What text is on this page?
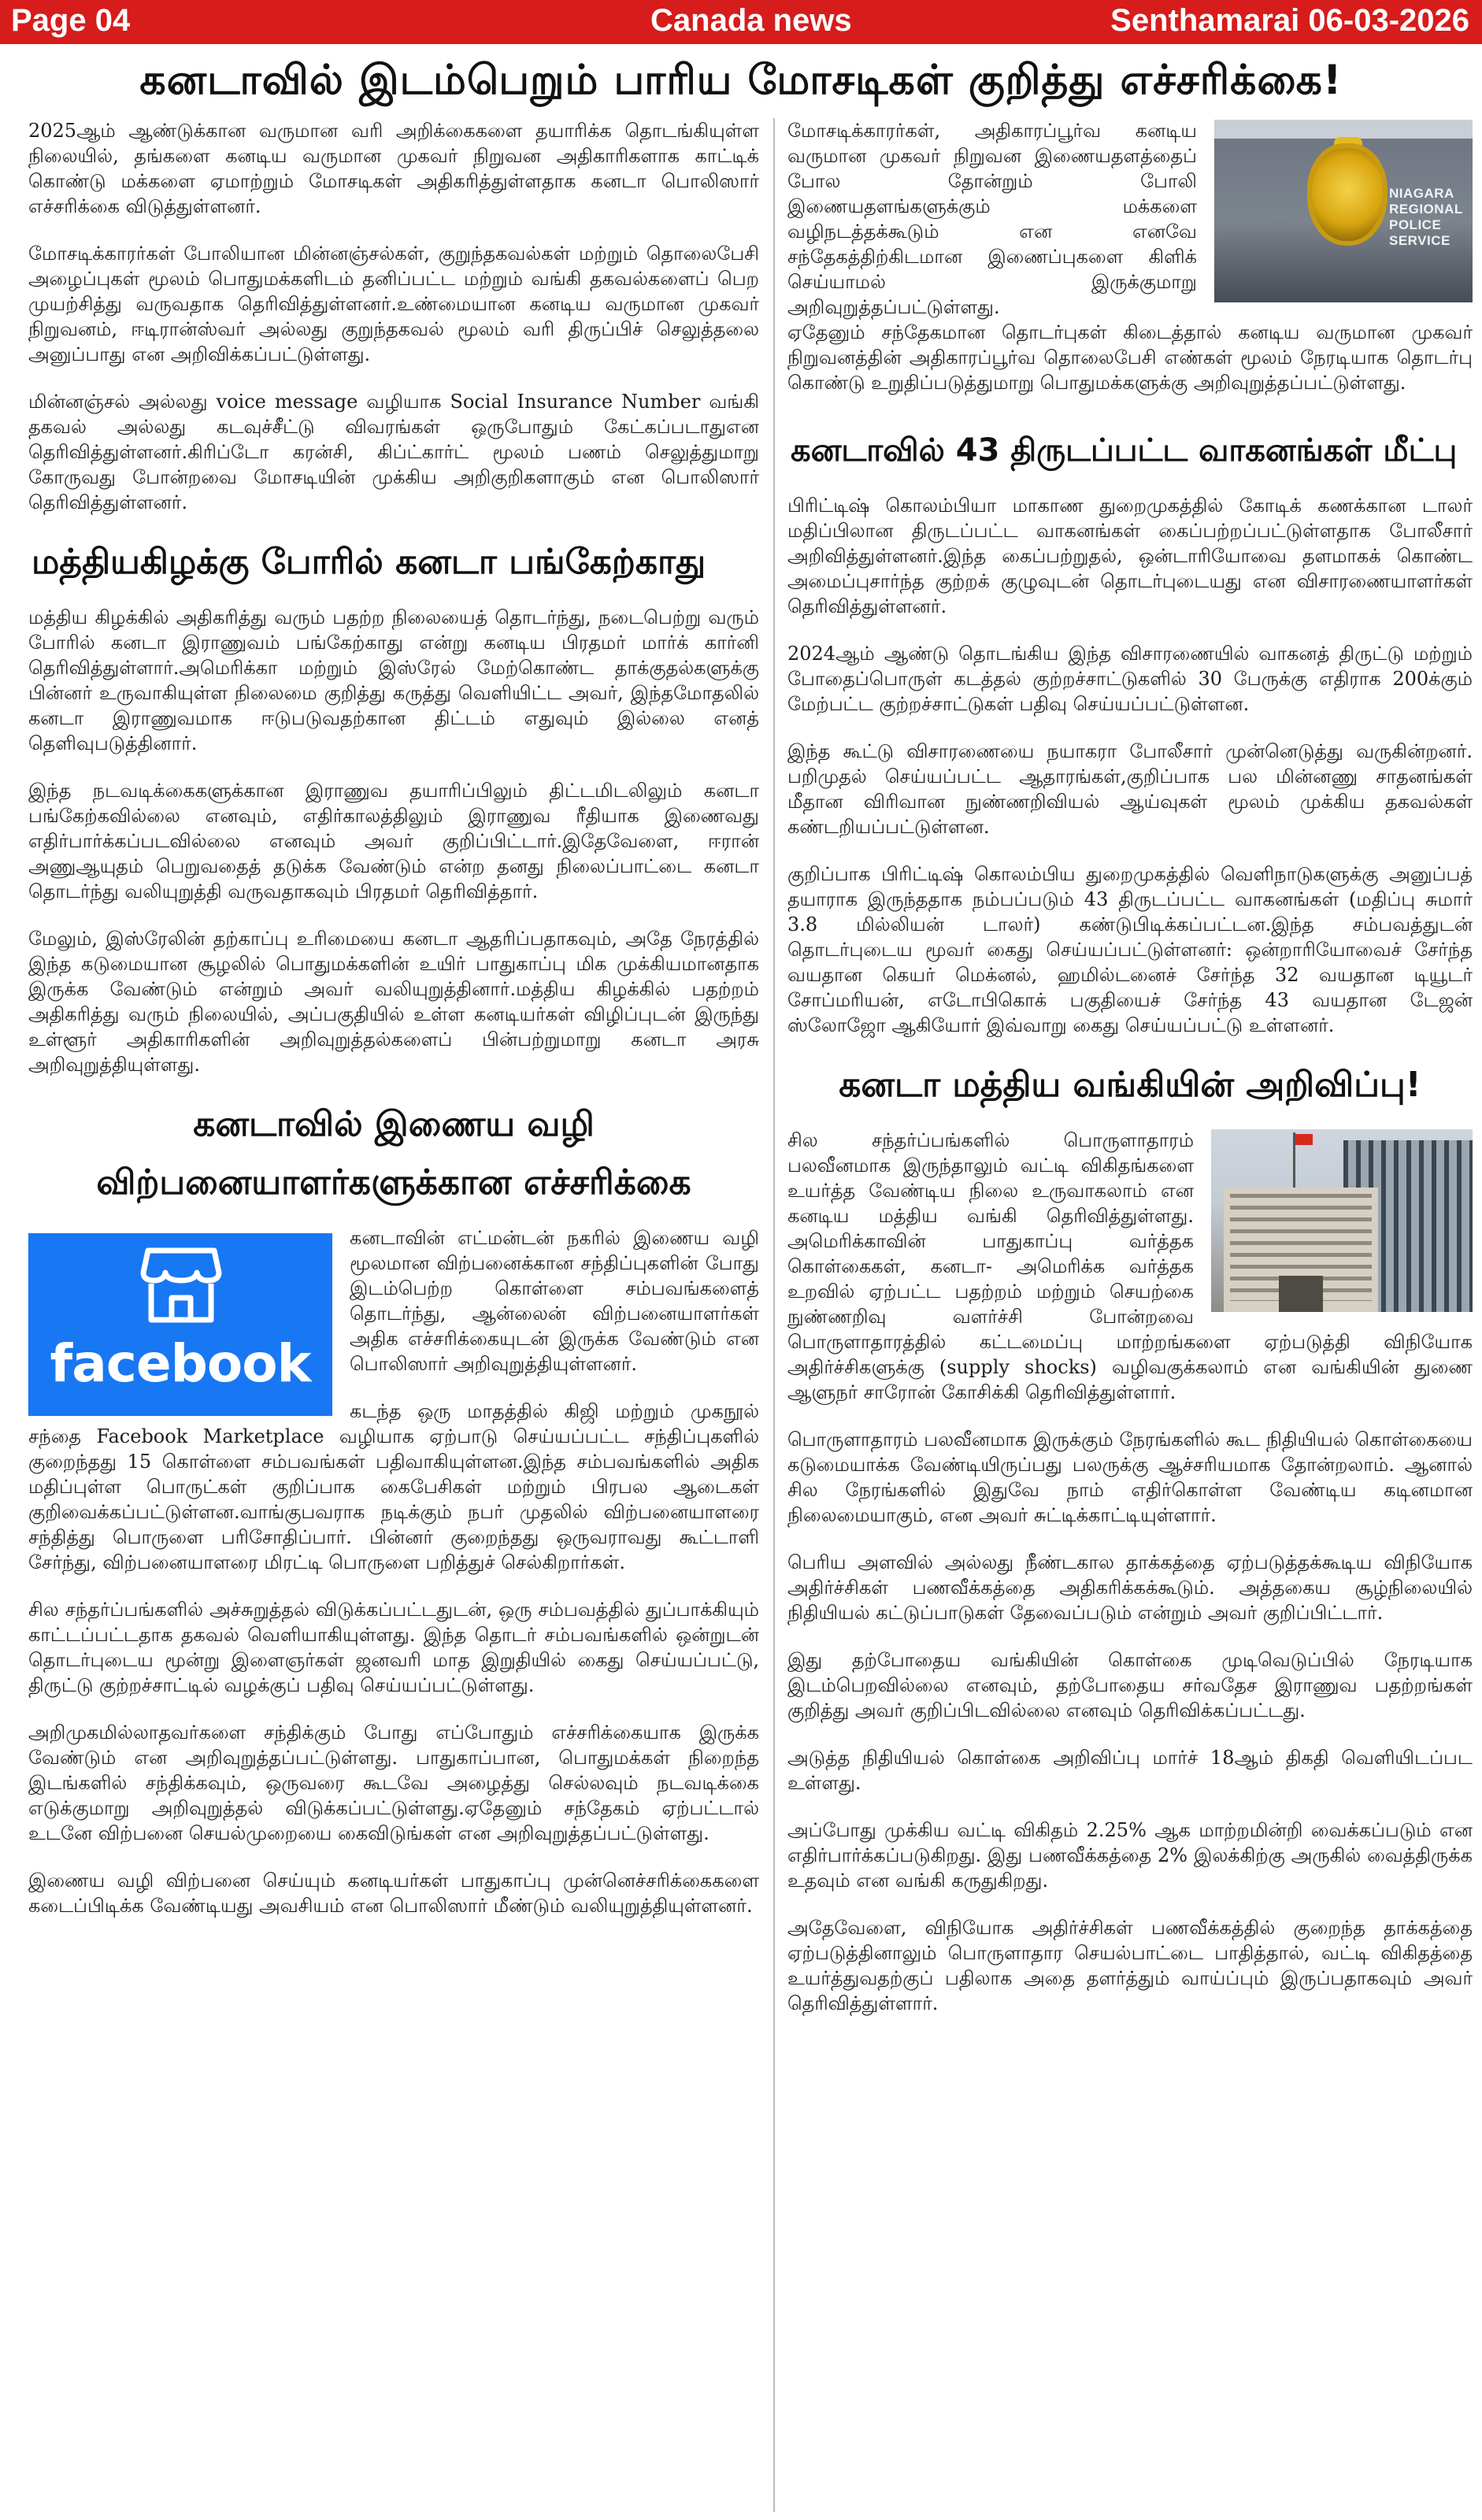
Page 04	Canada news	Senthamarai 06-03-2026
கனடாவில் இடம்பெறும் பாரிய மோசடிகள் குறித்து எச்சரிக்கை!

2025ஆம் ஆண்டுக்கான வருமான வரி அறிக்கைகளை தயாரிக்க தொடங்கியுள்ள நிலையில், தங்களை கனடிய வருமான முகவர் நிறுவன அதிகாரிகளாக காட்டிக் கொண்டு மக்களை ஏமாற்றும் மோசடிகள் அதிகரித்துள்ளதாக கனடா பொலிஸார் எச்சரிக்கை விடுத்துள்ளனர்.

மோசடிக்காரர்கள் போலியான மின்னஞ்சல்கள், குறுந்தகவல்கள் மற்றும் தொலைபேசி அழைப்புகள் மூலம் பொதுமக்களிடம் தனிப்பட்ட மற்றும் வங்கி தகவல்களைப் பெற முயற்சித்து வருவதாக தெரிவித்துள்ளனர்.உண்மையான கனடிய வருமான முகவர் நிறுவனம், ஈடிரான்ஸ்வர் அல்லது குறுந்தகவல் மூலம் வரி திருப்பிச் செலுத்தலை அனுப்பாது என அறிவிக்கப்பட்டுள்ளது.

மின்னஞ்சல் அல்லது voice message வழியாக Social Insurance Number வங்கி தகவல் அல்லது கடவுச்சீட்டு விவரங்கள் ஒருபோதும் கேட்கப்படாதுஎன தெரிவித்துள்ளனர்.கிரிப்டோ கரன்சி, கிப்ட்கார்ட் மூலம் பணம் செலுத்துமாறு கோருவது போன்றவை மோசடியின் முக்கிய அறிகுறிகளாகும் என பொலிஸார் தெரிவித்துள்ளனர்.

மத்தியகிழக்கு போரில் கனடா பங்கேற்காது

மத்திய கிழக்கில் அதிகரித்து வரும் பதற்ற நிலையைத் தொடர்ந்து, நடைபெற்று வரும் போரில் கனடா இராணுவம் பங்கேற்காது என்று கனடிய பிரதமர் மார்க் கார்னி தெரிவித்துள்ளார்.அமெரிக்கா மற்றும் இஸ்ரேல் மேற்கொண்ட தாக்குதல்களுக்கு பின்னர் உருவாகியுள்ள நிலைமை குறித்து கருத்து வெளியிட்ட அவர், இந்தமோதலில் கனடா இராணுவமாக ஈடுபடுவதற்கான திட்டம் எதுவும் இல்லை எனத் தெளிவுபடுத்தினார்.

இந்த நடவடிக்கைகளுக்கான இராணுவ தயாரிப்பிலும் திட்டமிடலிலும் கனடா பங்கேற்கவில்லை எனவும், எதிர்காலத்திலும் இராணுவ ரீதியாக இணைவது எதிர்பார்க்கப்படவில்லை எனவும் அவர் குறிப்பிட்டார்.இதேவேளை, ஈரான் அணுஆயுதம் பெறுவதைத் தடுக்க வேண்டும் என்ற தனது நிலைப்பாட்டை கனடா தொடர்ந்து வலியுறுத்தி வருவதாகவும் பிரதமர் தெரிவித்தார்.

மேலும், இஸ்ரேலின் தற்காப்பு உரிமையை கனடா ஆதரிப்பதாகவும், அதே நேரத்தில் இந்த கடுமையான சூழலில் பொதுமக்களின் உயிர் பாதுகாப்பு மிக முக்கியமானதாக இருக்க வேண்டும் என்றும் அவர் வலியுறுத்தினார்.மத்திய கிழக்கில் பதற்றம் அதிகரித்து வரும் நிலையில், அப்பகுதியில் உள்ள கனடியர்கள் விழிப்புடன் இருந்து உள்ளூர் அதிகாரிகளின் அறிவுறுத்தல்களைப் பின்பற்றுமாறு கனடா அரசு அறிவுறுத்தியுள்ளது.

கனடாவில் இணைய வழி
விற்பனையாளர்களுக்கான எச்சரிக்கை
facebook

கனடாவின் எட்மன்டன் நகரில் இணைய வழி மூலமான விற்பனைக்கான சந்திப்புகளின் போது இடம்பெற்ற கொள்ளை சம்பவங்களைத் தொடர்ந்து, ஆன்லைன் விற்பனையாளர்கள் அதிக எச்சரிக்கையுடன் இருக்க வேண்டும் என பொலிஸார் அறிவுறுத்தியுள்ளனர்.

கடந்த ஒரு மாதத்தில் கிஜி மற்றும் முகநூல் சந்தை Facebook Marketplace வழியாக ஏற்பாடு செய்யப்பட்ட சந்திப்புகளில் குறைந்தது 15 கொள்ளை சம்பவங்கள் பதிவாகியுள்ளன.இந்த சம்பவங்களில் அதிக மதிப்புள்ள பொருட்கள் குறிப்பாக கைபேசிகள் மற்றும் பிரபல ஆடைகள் குறிவைக்கப்பட்டுள்ளன.வாங்குபவராக நடிக்கும் நபர் முதலில் விற்பனையாளரை சந்தித்து பொருளை பரிசோதிப்பார். பின்னர் குறைந்தது ஒருவராவது கூட்டாளி சேர்ந்து, விற்பனையாளரை மிரட்டி பொருளை பறித்துச் செல்கிறார்கள்.

சில சந்தர்ப்பங்களில் அச்சுறுத்தல் விடுக்கப்பட்டதுடன், ஒரு சம்பவத்தில் துப்பாக்கியும் காட்டப்பட்டதாக தகவல் வெளியாகியுள்ளது. இந்த தொடர் சம்பவங்களில் ஒன்றுடன் தொடர்புடைய மூன்று இளைஞர்கள் ஜனவரி மாத இறுதியில் கைது செய்யப்பட்டு, திருட்டு குற்றச்சாட்டில் வழக்குப் பதிவு செய்யப்பட்டுள்ளது.

அறிமுகமில்லாதவர்களை சந்திக்கும் போது எப்போதும் எச்சரிக்கையாக இருக்க வேண்டும் என அறிவுறுத்தப்பட்டுள்ளது. பாதுகாப்பான, பொதுமக்கள் நிறைந்த இடங்களில் சந்திக்கவும், ஒருவரை கூடவே அழைத்து செல்லவும் நடவடிக்கை எடுக்குமாறு அறிவுறுத்தல் விடுக்கப்பட்டுள்ளது.ஏதேனும் சந்தேகம் ஏற்பட்டால் உடனே விற்பனை செயல்முறையை கைவிடுங்கள் என அறிவுறுத்தப்பட்டுள்ளது.

இணைய வழி விற்பனை செய்யும் கனடியர்கள் பாதுகாப்பு முன்னெச்சரிக்கைகளை கடைப்பிடிக்க வேண்டியது அவசியம் என பொலிஸார் மீண்டும் வலியுறுத்தியுள்ளனர்.

NIAGARA REGIONAL POLICE SERVICE

மோசடிக்காரர்கள், அதிகாரப்பூர்வ கனடிய வருமான முகவர் நிறுவன இணையதளத்தைப் போல தோன்றும் போலி இணையதளங்களுக்கும் மக்களை வழிநடத்தக்கூடும் என எனவே சந்தேகத்திற்கிடமான இணைப்புகளை கிளிக் செய்யாமல் இருக்குமாறு அறிவுறுத்தப்பட்டுள்ளது.

ஏதேனும் சந்தேகமான தொடர்புகள் கிடைத்தால் கனடிய வருமான முகவர் நிறுவனத்தின் அதிகாரப்பூர்வ தொலைபேசி எண்கள் மூலம் நேரடியாக தொடர்பு கொண்டு உறுதிப்படுத்துமாறு பொதுமக்களுக்கு அறிவுறுத்தப்பட்டுள்ளது.

கனடாவில் 43 திருடப்பட்ட வாகனங்கள் மீட்பு

பிரிட்டிஷ் கொலம்பியா மாகாண துறைமுகத்தில் கோடிக் கணக்கான டாலர் மதிப்பிலான திருடப்பட்ட வாகனங்கள் கைப்பற்றப்பட்டுள்ளதாக போலீசார் அறிவித்துள்ளனர்.இந்த கைப்பற்றுதல், ஒன்டாரியோவை தளமாகக் கொண்ட அமைப்புசார்ந்த குற்றக் குழுவுடன் தொடர்புடையது என விசாரணையாளர்கள் தெரிவித்துள்ளனர்.

2024ஆம் ஆண்டு தொடங்கிய இந்த விசாரணையில் வாகனத் திருட்டு மற்றும் போதைப்பொருள் கடத்தல் குற்றச்சாட்டுகளில் 30 பேருக்கு எதிராக 200க்கும் மேற்பட்ட குற்றச்சாட்டுகள் பதிவு செய்யப்பட்டுள்ளன.

இந்த கூட்டு விசாரணையை நயாகரா போலீசார் முன்னெடுத்து வருகின்றனர். பறிமுதல் செய்யப்பட்ட ஆதாரங்கள்,குறிப்பாக பல மின்னணு சாதனங்கள் மீதான விரிவான நுண்ணறிவியல் ஆய்வுகள் மூலம் முக்கிய தகவல்கள் கண்டறியப்பட்டுள்ளன.

குறிப்பாக பிரிட்டிஷ் கொலம்பிய துறைமுகத்தில் வெளிநாடுகளுக்கு அனுப்பத் தயாராக இருந்ததாக நம்பப்படும் 43 திருடப்பட்ட வாகனங்கள் (மதிப்பு சுமார் 3.8 மில்லியன் டாலர்) கண்டுபிடிக்கப்பட்டன.இந்த சம்பவத்துடன் தொடர்புடைய மூவர் கைது செய்யப்பட்டுள்ளனர்: ஒன்றாரியோவைச் சேர்ந்த வயதான கெயர் மெக்னல், ஹமில்டனைச் சேர்ந்த 32 வயதான டியூடர் சோப்மரியன், எடோபிகொக் பகுதியைச் சேர்ந்த 43 வயதான டேஜன் ஸ்லோஜோ ஆகியோர் இவ்வாறு கைது செய்யப்பட்டு உள்ளனர்.

கனடா மத்திய வங்கியின் அறிவிப்பு!

சில சந்தர்ப்பங்களில் பொருளாதாரம் பலவீனமாக இருந்தாலும் வட்டி விகிதங்களை உயர்த்த வேண்டிய நிலை உருவாகலாம் என கனடிய மத்திய வங்கி தெரிவித்துள்ளது. அமெரிக்காவின் பாதுகாப்பு வர்த்தக கொள்கைகள், கனடா- அமெரிக்க வர்த்தக உறவில் ஏற்பட்ட பதற்றம் மற்றும் செயற்கை நுண்ணறிவு வளர்ச்சி போன்றவை பொருளாதாரத்தில் கட்டமைப்பு மாற்றங்களை ஏற்படுத்தி விநியோக அதிர்ச்சிகளுக்கு (supply shocks) வழிவகுக்கலாம் என வங்கியின் துணை ஆளுநர் சாரோன் கோசிக்கி தெரிவித்துள்ளார்.

பொருளாதாரம் பலவீனமாக இருக்கும் நேரங்களில் கூட நிதியியல் கொள்கையை கடுமையாக்க வேண்டியிருப்பது பலருக்கு ஆச்சரியமாக தோன்றலாம். ஆனால் சில நேரங்களில் இதுவே நாம் எதிர்கொள்ள வேண்டிய கடினமான நிலைமையாகும், என அவர் சுட்டிக்காட்டியுள்ளார்.

பெரிய அளவில் அல்லது நீண்டகால தாக்கத்தை ஏற்படுத்தக்கூடிய விநியோக அதிர்ச்சிகள் பணவீக்கத்தை அதிகரிக்கக்கூடும். அத்தகைய சூழ்நிலையில் நிதியியல் கட்டுப்பாடுகள் தேவைப்படும் என்றும் அவர் குறிப்பிட்டார்.

இது தற்போதைய வங்கியின் கொள்கை முடிவெடுப்பில் நேரடியாக இடம்பெறவில்லை எனவும், தற்போதைய சர்வதேச இராணுவ பதற்றங்கள் குறித்து அவர் குறிப்பிடவில்லை எனவும் தெரிவிக்கப்பட்டது.

அடுத்த நிதியியல் கொள்கை அறிவிப்பு மார்ச் 18ஆம் திகதி வெளியிடப்பட உள்ளது.

அப்போது முக்கிய வட்டி விகிதம் 2.25% ஆக மாற்றமின்றி வைக்கப்படும் என எதிர்பார்க்கப்படுகிறது. இது பணவீக்கத்தை 2% இலக்கிற்கு அருகில் வைத்திருக்க உதவும் என வங்கி கருதுகிறது.

அதேவேளை, விநியோக அதிர்ச்சிகள் பணவீக்கத்தில் குறைந்த தாக்கத்தை ஏற்படுத்தினாலும் பொருளாதார செயல்பாட்டை பாதித்தால், வட்டி விகிதத்தை உயர்த்துவதற்குப் பதிலாக அதை தளர்த்தும் வாய்ப்பும் இருப்பதாகவும் அவர் தெரிவித்துள்ளார்.
